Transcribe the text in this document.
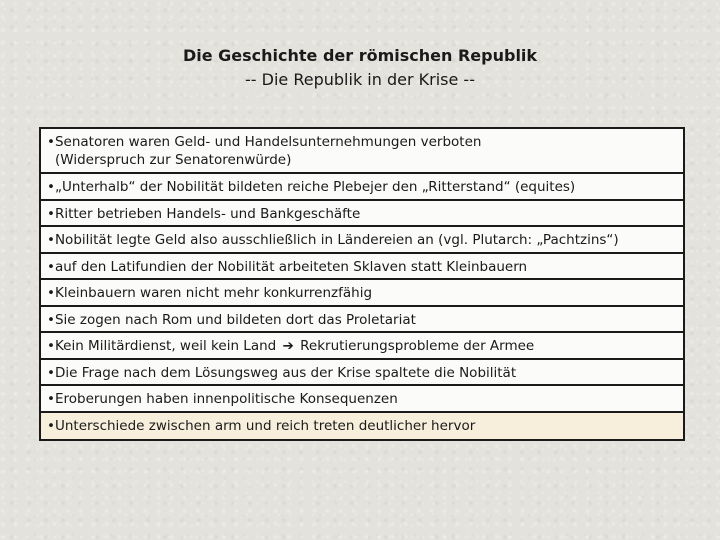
Die Geschichte der römischen Republik
-- Die Republik in der Krise --
•Senatoren waren Geld- und Handelsunternehmungen verboten
(Widerspruch zur Senatorenwürde)
•„Unterhalb“ der Nobilität bildeten reiche Plebejer den „Ritterstand“ (equites)
•Ritter betrieben Handels- und Bankgeschäfte
•Nobilität legte Geld also ausschließlich in Ländereien an (vgl. Plutarch: „Pachtzins“)
•auf den Latifundien der Nobilität arbeiteten Sklaven statt Kleinbauern
•Kleinbauern waren nicht mehr konkurrenzfähig
•Sie zogen nach Rom und bildeten dort das Proletariat
•Kein Militärdienst, weil kein Land ➔ Rekrutierungsprobleme der Armee
•Die Frage nach dem Lösungsweg aus der Krise spaltete die Nobilität
•Eroberungen haben innenpolitische Konsequenzen
•Unterschiede zwischen arm und reich treten deutlicher hervor
